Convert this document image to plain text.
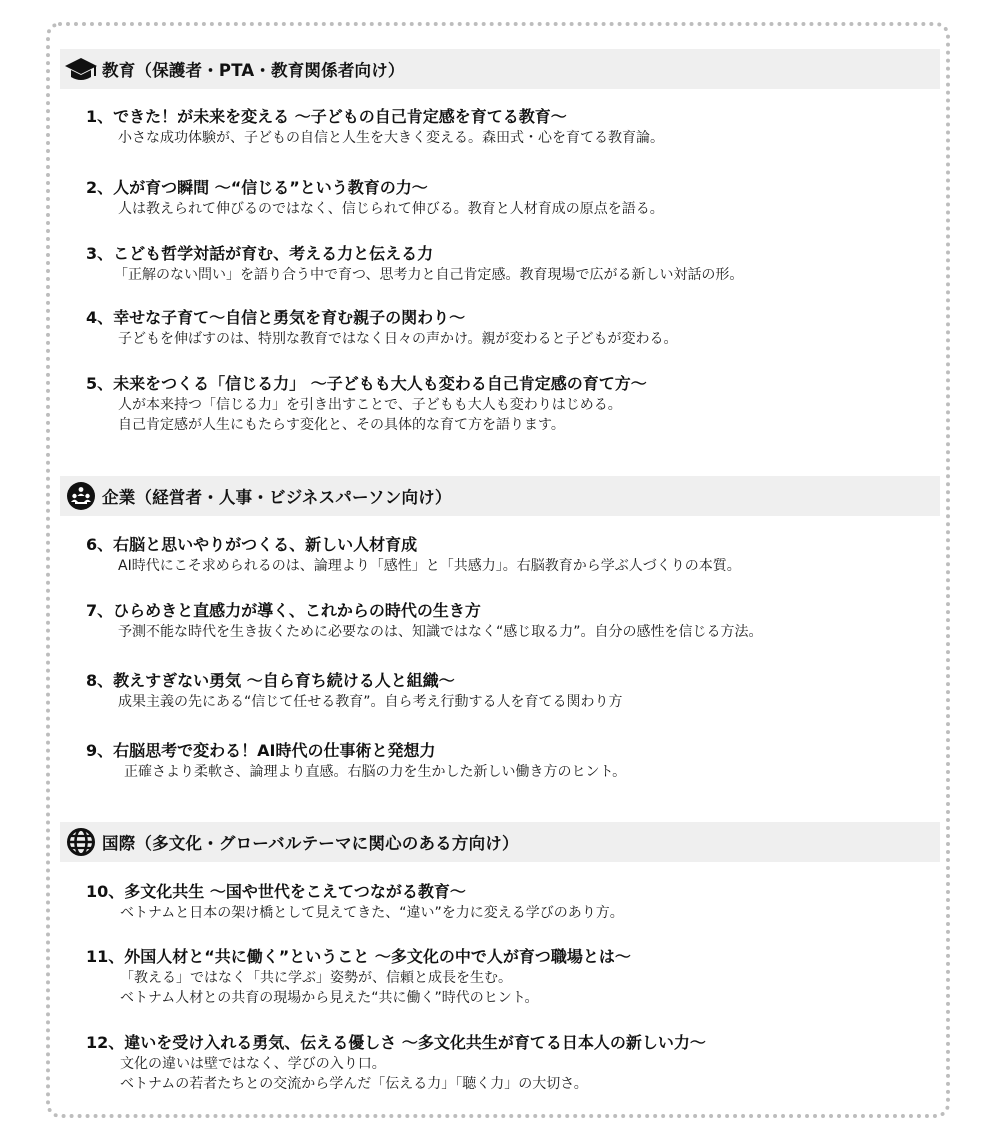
教育（保護者・PTA・教育関係者向け）
1、できた！が未来を変える ～子どもの自己肯定感を育てる教育～
小さな成功体験が、子どもの自信と人生を大きく変える。森田式・心を育てる教育論。
2、人が育つ瞬間 ～“信じる”という教育の力～
人は教えられて伸びるのではなく、信じられて伸びる。教育と人材育成の原点を語る。
3、こども哲学対話が育む、考える力と伝える力
「正解のない問い」を語り合う中で育つ、思考力と自己肯定感。教育現場で広がる新しい対話の形。
4、幸せな子育て～自信と勇気を育む親子の関わり～
子どもを伸ばすのは、特別な教育ではなく日々の声かけ。親が変わると子どもが変わる。
5、未来をつくる「信じる力」 ～子どもも大人も変わる自己肯定感の育て方～
人が本来持つ「信じる力」を引き出すことで、子どもも大人も変わりはじめる。
自己肯定感が人生にもたらす変化と、その具体的な育て方を語ります。
企業（経営者・人事・ビジネスパーソン向け）
6、右脳と思いやりがつくる、新しい人材育成
AI時代にこそ求められるのは、論理より「感性」と「共感力」。右脳教育から学ぶ人づくりの本質。
7、ひらめきと直感力が導く、これからの時代の生き方
予測不能な時代を生き抜くために必要なのは、知識ではなく“感じ取る力”。自分の感性を信じる方法。
8、教えすぎない勇気 ～自ら育ち続ける人と組織～
成果主義の先にある“信じて任せる教育”。自ら考え行動する人を育てる関わり方
9、右脳思考で変わる！AI時代の仕事術と発想力
正確さより柔軟さ、論理より直感。右脳の力を生かした新しい働き方のヒント。
国際（多文化・グローバルテーマに関心のある方向け）
10、多文化共生 ～国や世代をこえてつながる教育～
ベトナムと日本の架け橋として見えてきた、“違い”を力に変える学びのあり方。
11、外国人材と“共に働く”ということ ～多文化の中で人が育つ職場とは～
「教える」ではなく「共に学ぶ」姿勢が、信頼と成長を生む。
ベトナム人材との共育の現場から見えた“共に働く”時代のヒント。
12、違いを受け入れる勇気、伝える優しさ ～多文化共生が育てる日本人の新しい力～
文化の違いは壁ではなく、学びの入り口。
ベトナムの若者たちとの交流から学んだ「伝える力」「聴く力」の大切さ。
